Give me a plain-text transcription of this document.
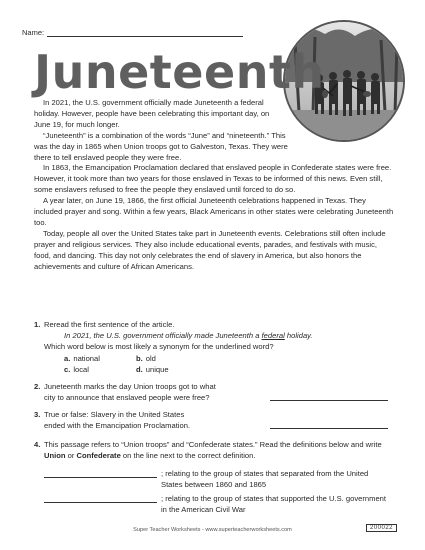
Name:
Juneteenth

In 2021, the U.S. government officially made Juneteenth a federal holiday. However, people have been celebrating this important day, on June 19, for much longer.

“Juneteenth” is a combination of the words “June” and “nineteenth.” This was the day in 1865 when Union troops got to Galveston, Texas. They were there to tell enslaved people they were free.

In 1863, the Emancipation Proclamation declared that enslaved people in Confederate states were free. However, it took more than two years for those enslaved in Texas to be informed of this news. Even still, some enslavers refused to free the people they enslaved until forced to do so.

A year later, on June 19, 1866, the first official Juneteenth celebrations happened in Texas. They included prayer and song. Within a few years, Black Americans in other states were celebrating Juneteenth too.

Today, people all over the United States take part in Juneteenth events. Celebrations still often include prayer and religious services. They also include educational events, parades, and festivals with music, food, and dancing. This day not only celebrates the end of slavery in America, but also honors the achievements and culture of African Americans.

1. Reread the first sentence of the article.
In 2021, the U.S. government officially made Juneteenth a federal holiday.
Which word below is most likely a synonym for the underlined word?
a. national	b. old
c. local	d. unique
2. Juneteenth marks the day Union troops got to what
city to announce that enslaved people were free?
3. True or false: Slavery in the United States
ended with the Emancipation Proclamation.
4. This passage refers to “Union troops” and “Confederate states.” Read the definitions below and write Union or Confederate on the line next to the correct definition.
; relating to the group of states that separated from the United States between 1860 and 1865
; relating to the group of states that supported the U.S. government in the American Civil War
Super Teacher Worksheets - www.superteacherworksheets.com	200022
